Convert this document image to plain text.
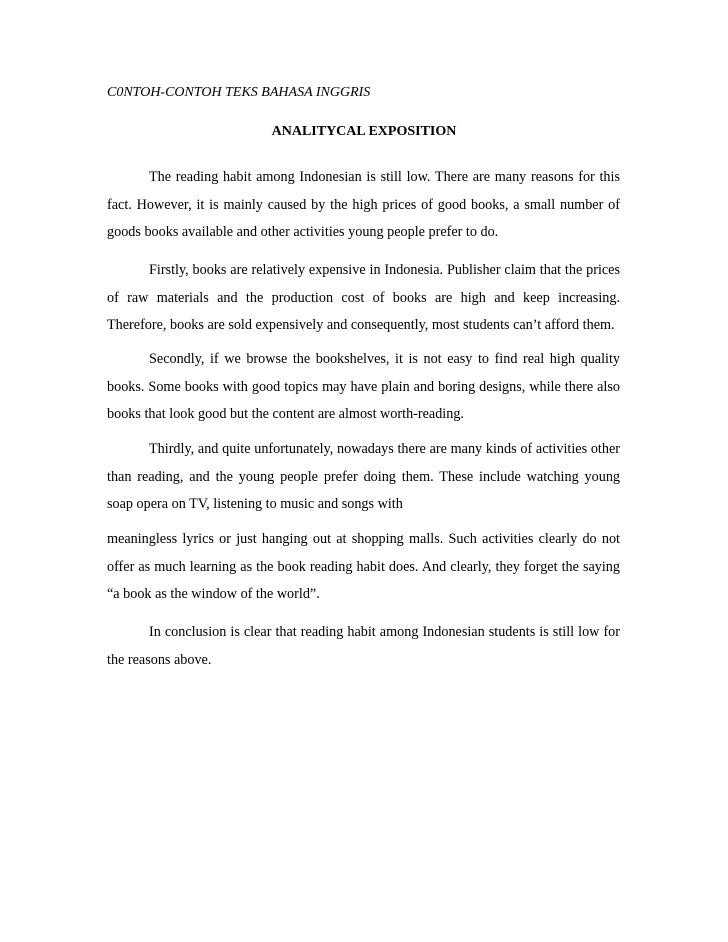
C0NTOH-CONTOH TEKS BAHASA INGGRIS
ANALITYCAL EXPOSITION

The reading habit among Indonesian is still low. There are many reasons for this fact. However, it is mainly caused by the high prices of good books, a small number of goods books available and other activities young people prefer to do.

Firstly, books are relatively expensive in Indonesia. Publisher claim that the prices of raw materials and the production cost of books are high and keep increasing. Therefore, books are sold expensively and consequently, most students can’t afford them.

Secondly, if we browse the bookshelves, it is not easy to find real high quality books. Some books with good topics may have plain and boring designs, while there also books that look good but the content are almost worth-reading.

Thirdly, and quite unfortunately, nowadays there are many kinds of activities other than reading, and the young people prefer doing them. These include watching young soap opera on TV, listening to music and songs with

meaningless lyrics or just hanging out at shopping malls. Such activities clearly do not offer as much learning as the book reading habit does. And clearly, they forget the saying “a book as the window of the world”.

In conclusion is clear that reading habit among Indonesian students is still low for the reasons above.
